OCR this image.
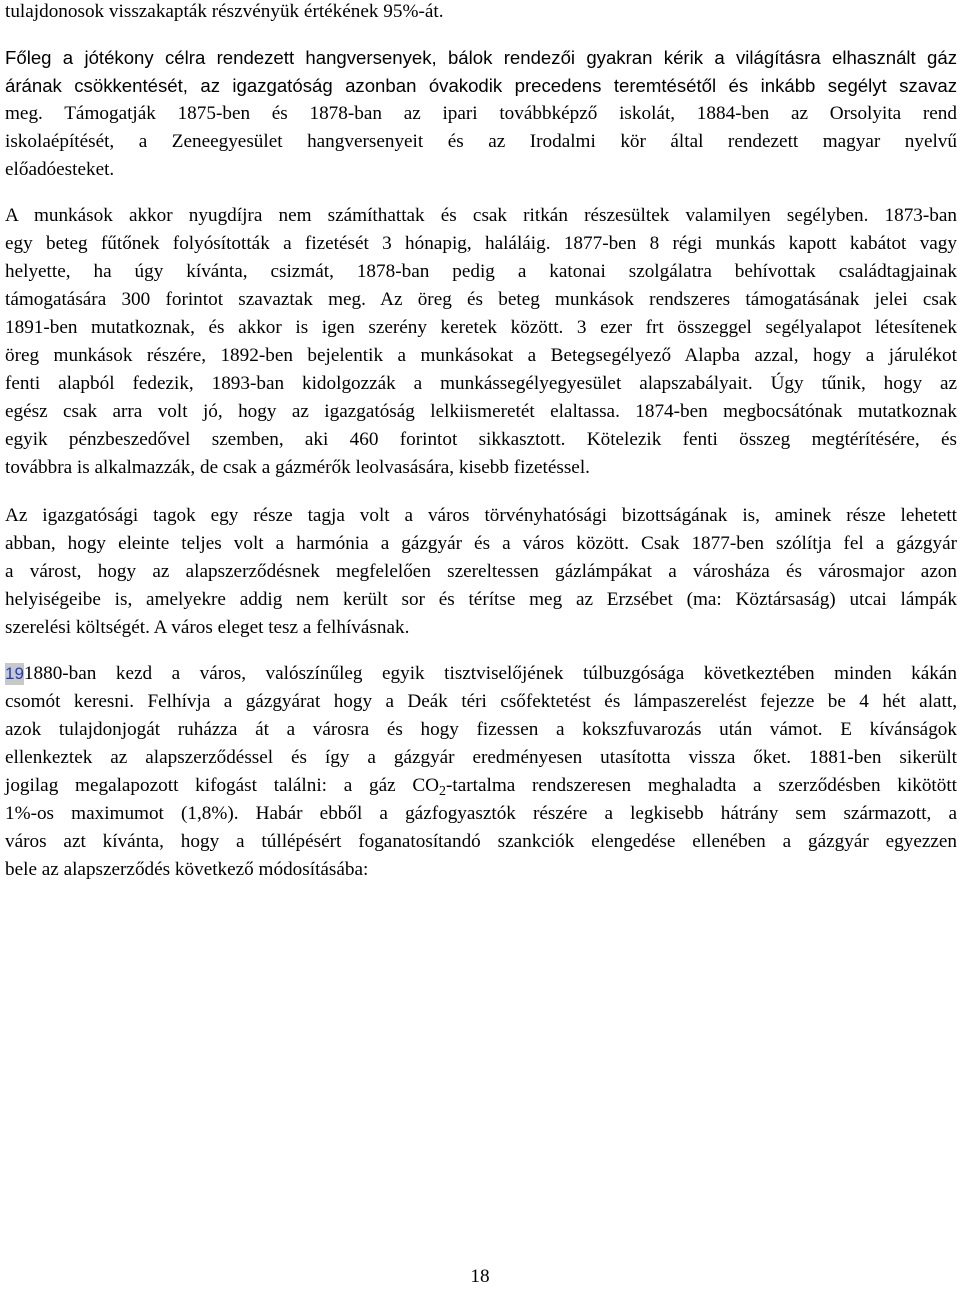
tulajdonosok visszakapták részvényük értékének 95%-át.
Főleg a jótékony célra rendezett hangversenyek, bálok rendezői gyakran kérik a világításra elhasznált gáz
árának csökkentését, az igazgatóság azonban óvakodik precedens teremtésétől és inkább segélyt szavaz
meg. Támogatják 1875-ben és 1878-ban az ipari továbbképző iskolát, 1884-ben az Orsolyita rend
iskolaépítését, a Zeneegyesület hangversenyeit és az Irodalmi kör által rendezett magyar nyelvű
előadóesteket.
A munkások akkor nyugdíjra nem számíthattak és csak ritkán részesültek valamilyen segélyben. 1873-ban
egy beteg fűtőnek folyósították a fizetését 3 hónapig, haláláig. 1877-ben 8 régi munkás kapott kabátot vagy
helyette, ha úgy kívánta, csizmát, 1878-ban pedig a katonai szolgálatra behívottak családtagjainak
támogatására 300 forintot szavaztak meg. Az öreg és beteg munkások rendszeres támogatásának jelei csak
1891-ben mutatkoznak, és akkor is igen szerény keretek között. 3 ezer frt összeggel segélyalapot létesítenek
öreg munkások részére, 1892-ben bejelentik a munkásokat a Betegsegélyező Alapba azzal, hogy a járulékot
fenti alapból fedezik, 1893-ban kidolgozzák a munkássegélyegyesület alapszabályait. Úgy tűnik, hogy az
egész csak arra volt jó, hogy az igazgatóság lelkiismeretét elaltassa. 1874-ben megbocsátónak mutatkoznak
egyik pénzbeszedővel szemben, aki 460 forintot sikkasztott. Kötelezik fenti összeg megtérítésére, és
továbbra is alkalmazzák, de csak a gázmérők leolvasására, kisebb fizetéssel.
Az igazgatósági tagok egy része tagja volt a város törvényhatósági bizottságának is, aminek része lehetett
abban, hogy eleinte teljes volt a harmónia a gázgyár és a város között. Csak 1877-ben szólítja fel a gázgyár
a várost, hogy az alapszerződésnek megfelelően szereltessen gázlámpákat a városháza és városmajor azon
helyiségeibe is, amelyekre addig nem került sor és térítse meg az Erzsébet (ma: Köztársaság) utcai lámpák
szerelési költségét. A város eleget tesz a felhívásnak.
191880-ban kezd a város, valószínűleg egyik tisztviselőjének túlbuzgósága következtében minden kákán
csomót keresni. Felhívja a gázgyárat hogy a Deák téri csőfektetést és lámpaszerelést fejezze be 4 hét alatt,
azok tulajdonjogát ruházza át a városra és hogy fizessen a kokszfuvarozás után vámot. E kívánságok
ellenkeztek az alapszerződéssel és így a gázgyár eredményesen utasította vissza őket. 1881-ben sikerült
jogilag megalapozott kifogást találni: a gáz $CO_2$-tartalma rendszeresen meghaladta a szerződésben kikötött
1%-os maximumot (1,8%). Habár ebből a gázfogyasztók részére a legkisebb hátrány sem származott, a
város azt kívánta, hogy a túllépésért foganatosítandó szankciók elengedése ellenében a gázgyár egyezzen
bele az alapszerződés következő módosításába:
18
